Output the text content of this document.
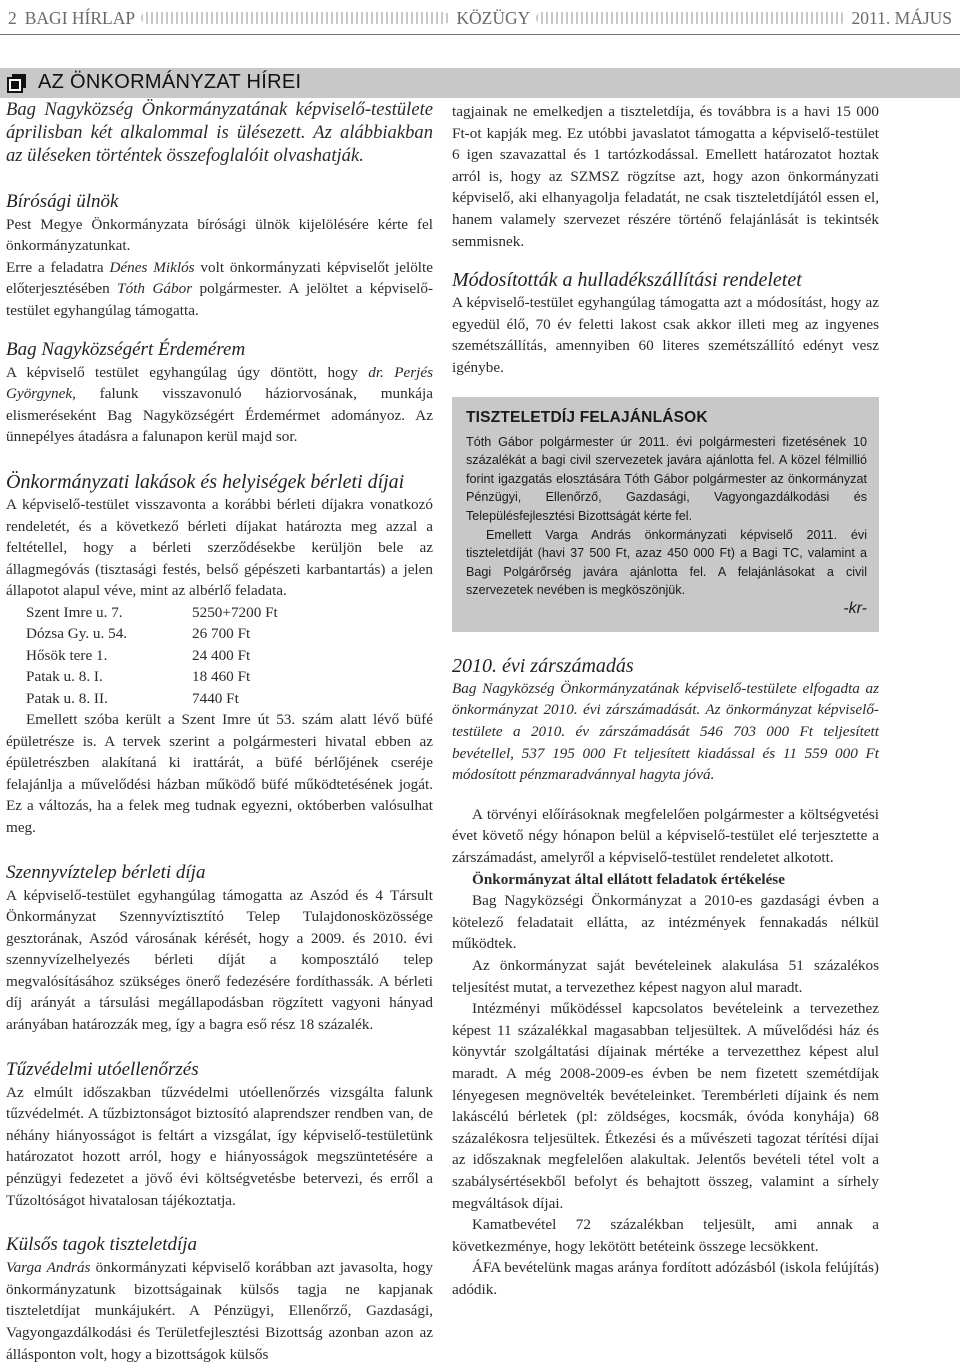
2 BAGI HÍRLAP	KÖZÜGY	2011. MÁJUS
AZ ÖNKORMÁNYZAT HÍREI

Bag Nagyközség Önkormányzatának képviselő-testülete áprilisban két alkalommal is ülésezett. Az alábbiakban az üléseken történtek összefoglalóit olvashatják.

Bírósági ülnök

Pest Megye Önkormányzata bírósági ülnök kijelölésére kérte fel önkormányzatunkat.

Erre a feladatra Dénes Miklós volt önkormányzati képviselőt jelölte előterjesztésében Tóth Gábor polgármester. A jelöltet a képviselő-testület egyhangúlag támogatta.

Bag Nagyközségért Érdemérem

A képviselő testület egyhangúlag úgy döntött, hogy dr. Perjés Györgynek, falunk visszavonuló háziorvosának, munkája elismeréseként Bag Nagyközségért Érdemérmet adományoz. Az ünnepélyes átadásra a falunapon kerül majd sor.

Önkormányzati lakások és helyiségek bérleti díjai

A képviselő-testület visszavonta a korábbi bérleti díjakra vonatkozó rendeletét, és a következő bérleti díjakat határozta meg azzal a feltétellel, hogy a bérleti szerződésekbe kerüljön bele az állagmegóvás (tisztasági festés, belső gépészeti karbantartás) a jelen állapotot alapul véve, mint az albérlő feladata.

Szent Imre u. 7.	5250+7200 Ft
Dózsa Gy. u. 54.	26 700 Ft
Hősök tere 1.	24 400 Ft
Patak u. 8. I.	18 460 Ft
Patak u. 8. II.	7440 Ft

Emellett szóba került a Szent Imre út 53. szám alatt lévő büfé épületrésze is. A tervek szerint a polgármesteri hivatal ebben az épületrészben alakítaná ki irattárát, a büfé bérlőjének cseréje felajánlja a művelődési házban működő büfé működtetésének jogát. Ez a változás, ha a felek meg tudnak egyezni, októberben valósulhat meg.

Szennyvíztelep bérleti díja

A képviselő-testület egyhangúlag támogatta az Aszód és 4 Társult Önkormányzat Szennyvíztisztító Telep Tulajdonosközössége gesztorának, Aszód városának kérését, hogy a 2009. és 2010. évi szennyvízelhelyezés bérleti díját a komposztáló telep megvalósításához szükséges önerő fedezésére fordíthassák. A bérleti díj arányát a társulási megállapodásban rögzített vagyoni hányad arányában határozzák meg, így a bagra eső rész 18 százalék.

Tűzvédelmi utóellenőrzés

Az elmúlt időszakban tűzvédelmi utóellenőrzés vizsgálta falunk tűzvédelmét. A tűzbiztonságot biztosító alaprendszer rendben van, de néhány hiányosságot is feltárt a vizsgálat, így képviselő-testületünk határozatot hozott arról, hogy e hiányosságok megszüntetésére a pénzügyi fedezetet a jövő évi költségvetésbe betervezi, és erről a Tűzoltóságot hivatalosan tájékoztatja.

Külsős tagok tiszteletdíja

Varga András önkormányzati képviselő korábban azt javasolta, hogy önkormányzatunk bizottságainak külsős tagja ne kapjanak tiszteletdíjat munkájukért. A Pénzügyi, Ellenőrző, Gazdasági, Vagyongazdálkodási és Területfejlesztési Bizottság azonban azon az állásponton volt, hogy a bizottságok külsős

tagjainak ne emelkedjen a tiszteletdíja, és továbbra is a havi 15 000 Ft-ot kapják meg. Ez utóbbi javaslatot támogatta a képviselő-testület 6 igen szavazattal és 1 tartózkodással. Emellett határozatot hoztak arról is, hogy az SZMSZ rögzítse azt, hogy azon önkormányzati képviselő, aki elhanyagolja feladatát, ne csak tiszteletdíjától essen el, hanem valamely szervezet részére történő felajánlását is tekintsék semmisnek.

Módosították a hulladékszállítási rendeletet

A képviselő-testület egyhangúlag támogatta azt a módosítást, hogy az egyedül élő, 70 év feletti lakost csak akkor illeti meg az ingyenes szemétszállítás, amennyiben 60 literes szemétszállító edényt vesz igénybe.

TISZTELETDÍJ FELAJÁNLÁSOK

Tóth Gábor polgármester úr 2011. évi polgármesteri fizetésének 10 százalékát a bagi civil szervezetek javára ajánlotta fel. A közel félmillió forint igazgatás elosztására Tóth Gábor polgármester az önkormányzat Pénzügyi, Ellenőrző, Gazdasági, Vagyongazdálkodási és Településfejlesztési Bizottságát kérte fel.

Emellett Varga András önkormányzati képviselő 2011. évi tiszteletdíját (havi 37 500 Ft, azaz 450 000 Ft) a Bagi TC, valamint a Bagi Polgárőrség javára ajánlotta fel. A felajánlásokat a civil szervezetek nevében is megköszönjük.

-kr-
2010. évi zárszámadás

Bag Nagyközség Önkormányzatának képviselő-testülete elfogadta az önkormányzat 2010. évi zárszámadását. Az önkormányzat képviselő-testülete a 2010. év zárszámadását 546 703 000 Ft teljesített bevétellel, 537 195 000 Ft teljesített kiadással és 11 559 000 Ft módosított pénzmaradvánnyal hagyta jóvá.

A törvényi előírásoknak megfelelően polgármester a költségvetési évet követő négy hónapon belül a képviselő-testület elé terjesztette a zárszámadást, amelyről a képviselő-testület rendeletet alkotott.

Önkormányzat által ellátott feladatok értékelése

Bag Nagyközségi Önkormányzat a 2010-es gazdasági évben a kötelező feladatait ellátta, az intézmények fennakadás nélkül működtek.

Az önkormányzat saját bevételeinek alakulása 51 százalékos teljesítést mutat, a tervezethez képest nagyon alul maradt.

Intézményi működéssel kapcsolatos bevételeink a tervezethez képest 11 százalékkal magasabban teljesültek. A művelődési ház és könyvtár szolgáltatási díjainak mértéke a tervezetthez képest alul maradt. A még 2008-2009-es évben be nem fizetett szemétdíjak lényegesen megnövelték bevételeinket. Terembérleti díjaink és nem lakáscélú bérletek (pl: zöldséges, kocsmák, óvóda konyhája) 68 százalékosra teljesültek. Étkezési és a művészeti tagozat térítési díjai az időszaknak megfelelően alakultak. Jelentős bevételi tétel volt a szabálysértésekből befolyt és behajtott összeg, valamint a sírhely megváltások díjai.

Kamatbevétel 72 százalékban teljesült, ami annak a következménye, hogy lekötött betéteink összege lecsökkent.

ÁFA bevételünk magas aránya fordított adózásból (iskola felújítás) adódik.
